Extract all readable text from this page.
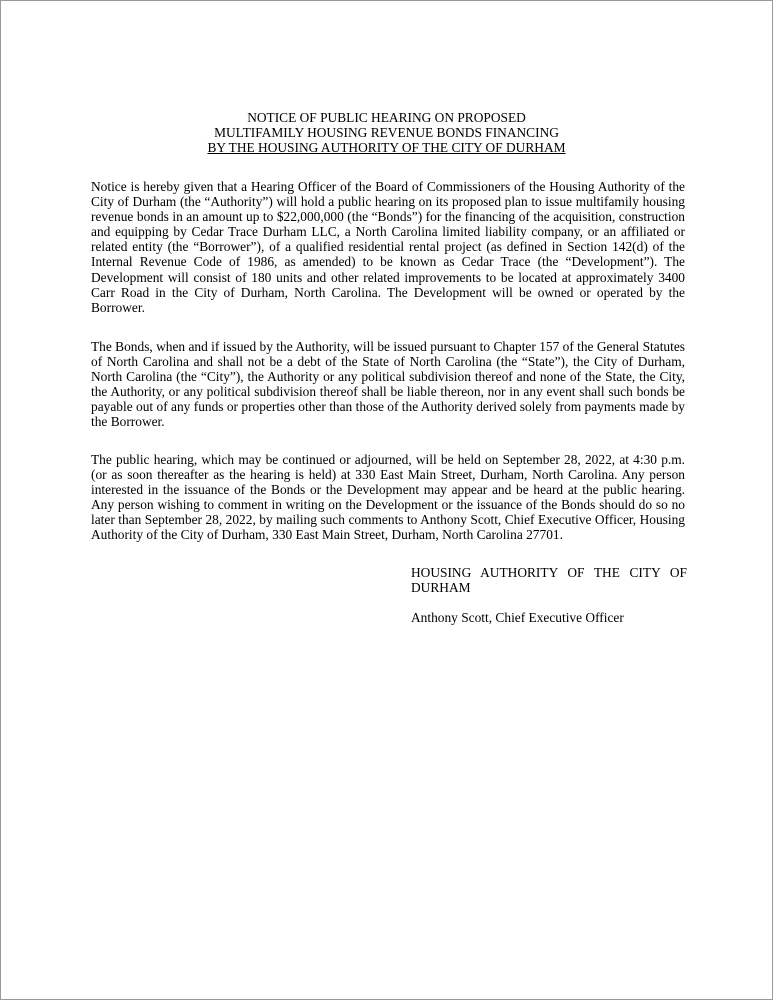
NOTICE OF PUBLIC HEARING ON PROPOSED
MULTIFAMILY HOUSING REVENUE BONDS FINANCING
BY THE HOUSING AUTHORITY OF THE CITY OF DURHAM

Notice is hereby given that a Hearing Officer of the Board of Commissioners of the Housing Authority of the City of Durham (the “Authority”) will hold a public hearing on its proposed plan to issue multifamily housing revenue bonds in an amount up to $22,000,000 (the “Bonds”) for the financing of the acquisition, construction and equipping by Cedar Trace Durham LLC, a North Carolina limited liability company, or an affiliated or related entity (the “Borrower”), of a qualified residential rental project (as defined in Section 142(d) of the Internal Revenue Code of 1986, as amended) to be known as Cedar Trace (the “Development”). The Development will consist of 180 units and other related improvements to be located at approximately 3400 Carr Road in the City of Durham, North Carolina. The Development will be owned or operated by the Borrower.

The Bonds, when and if issued by the Authority, will be issued pursuant to Chapter 157 of the General Statutes of North Carolina and shall not be a debt of the State of North Carolina (the “State”), the City of Durham, North Carolina (the “City”), the Authority or any political subdivision thereof and none of the State, the City, the Authority, or any political subdivision thereof shall be liable thereon, nor in any event shall such bonds be payable out of any funds or properties other than those of the Authority derived solely from payments made by the Borrower.

The public hearing, which may be continued or adjourned, will be held on September 28, 2022, at 4:30 p.m. (or as soon thereafter as the hearing is held) at 330 East Main Street, Durham, North Carolina. Any person interested in the issuance of the Bonds or the Development may appear and be heard at the public hearing. Any person wishing to comment in writing on the Development or the issuance of the Bonds should do so no later than September 28, 2022, by mailing such comments to Anthony Scott, Chief Executive Officer, Housing Authority of the City of Durham, 330 East Main Street, Durham, North Carolina 27701.

HOUSING AUTHORITY OF THE CITY OF DURHAM
Anthony Scott, Chief Executive Officer
